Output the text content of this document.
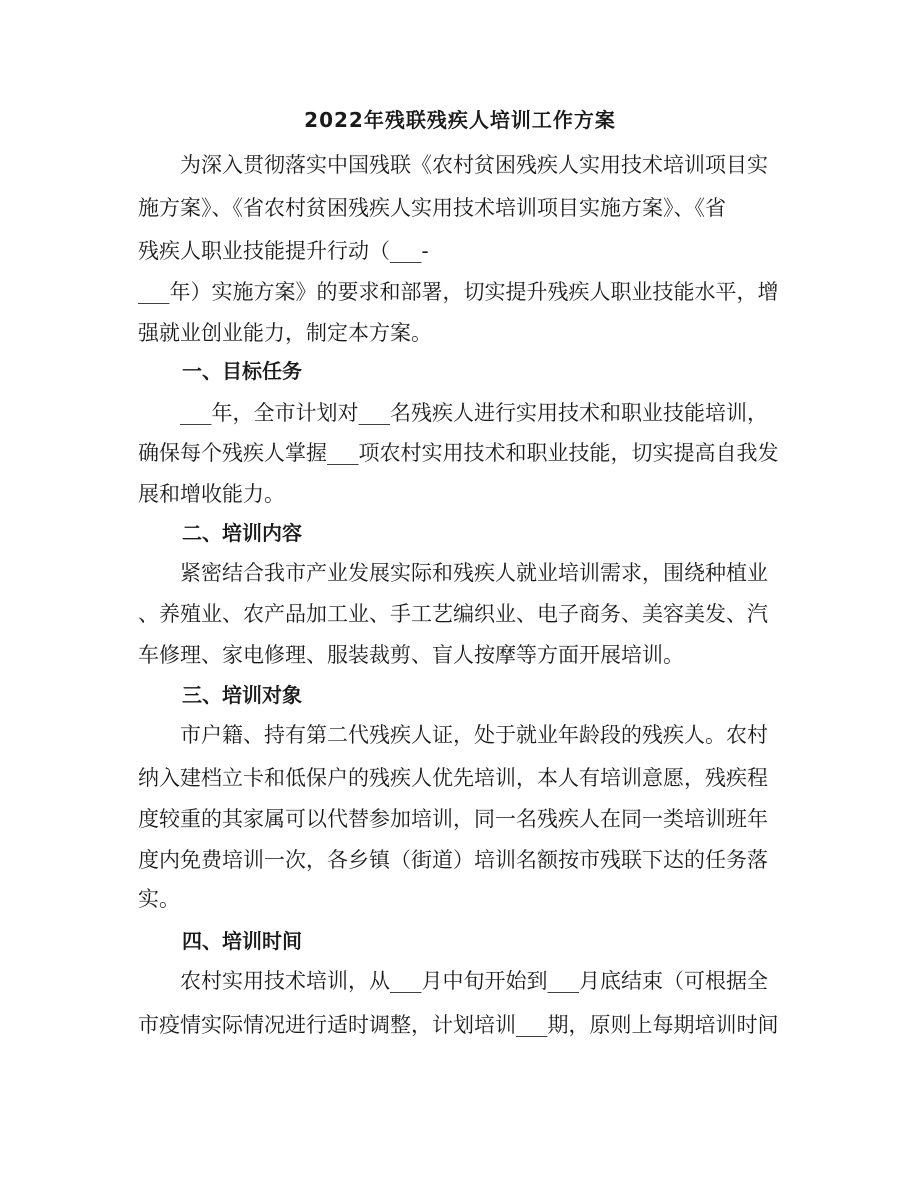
2022年残联残疾人培训工作方案
　　为深入贯彻落实中国残联《农村贫困残疾人实用技术培训项目实
施方案》、《省农村贫困残疾人实用技术培训项目实施方案》、《省
残疾人职业技能提升行动（___-
___年）实施方案》的要求和部署，切实提升残疾人职业技能水平，增
强就业创业能力，制定本方案。
一、目标任务
　　___年，全市计划对___名残疾人进行实用技术和职业技能培训，
确保每个残疾人掌握___项农村实用技术和职业技能，切实提高自我发
展和增收能力。
二、培训内容
　　紧密结合我市产业发展实际和残疾人就业培训需求，围绕种植业
、养殖业、农产品加工业、手工艺编织业、电子商务、美容美发、汽
车修理、家电修理、服装裁剪、盲人按摩等方面开展培训。
三、培训对象
　　市户籍、持有第二代残疾人证，处于就业年龄段的残疾人。农村
纳入建档立卡和低保户的残疾人优先培训，本人有培训意愿，残疾程
度较重的其家属可以代替参加培训，同一名残疾人在同一类培训班年
度内免费培训一次，各乡镇（街道）培训名额按市残联下达的任务落
实。
四、培训时间
　　农村实用技术培训，从___月中旬开始到___月底结束（可根据全
市疫情实际情况进行适时调整，计划培训___期，原则上每期培训时间
